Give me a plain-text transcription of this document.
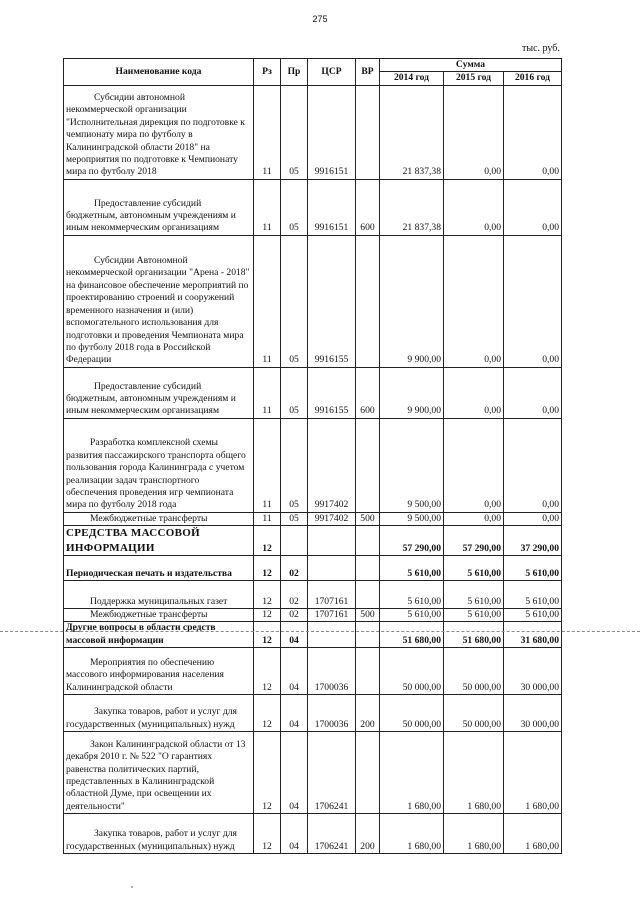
275
тыс. руб.
Наименование кода	Рз	Пр	ЦСР	ВР	Сумма		
					2014 год	2015 год	2016 год
Субсидии автономной некоммерческой организации "Исполнительная дирекция по подготовке к чемпионату мира по футболу в Калининградской области 2018" на мероприятия по подготовке к Чемпионату мира по футболу 2018	11	05	9916151		21 837,38	0,00	0,00
Предоставление субсидий бюджетным, автономным учреждениям и иным некоммерческим организациям	11	05	9916151	600	21 837,38	0,00	0,00
Субсидии Автономной некоммерческой организации "Арена - 2018" на финансовое обеспечение мероприятий по проектированию строений и сооружений временного назначения и (или) вспомогательного использования для подготовки и проведения Чемпионата мира по футболу 2018 года в Российской Федерации	11	05	9916155		9 900,00	0,00	0,00
Предоставление субсидий бюджетным, автономным учреждениям и иным некоммерческим организациям	11	05	9916155	600	9 900,00	0,00	0,00
Разработка комплексной схемы развития пассажирского транспорта общего пользования города Калининграда с учетом реализации задач транспортного обеспечения проведения игр чемпионата мира по футболу 2018 года	11	05	9917402		9 500,00	0,00	0,00
Межбюджетные трансферты	11	05	9917402	500	9 500,00	0,00	0,00
СРЕДСТВА МАССОВОЙ ИНФОРМАЦИИ	12				57 290,00	57 290,00	37 290,00
Периодическая печать и издательства	12	02			5 610,00	5 610,00	5 610,00
Поддержка муниципальных газет	12	02	1707161		5 610,00	5 610,00	5 610,00
Межбюджетные трансферты	12	02	1707161	500	5 610,00	5 610,00	5 610,00
Другие вопросы в области средств массовой информации	12	04			51 680,00	51 680,00	31 680,00
Мероприятия по обеспечению массового информирования населения Калининградской области	12	04	1700036		50 000,00	50 000,00	30 000,00
Закупка товаров, работ и услуг для государственных (муниципальных) нужд	12	04	1700036	200	50 000,00	50 000,00	30 000,00
Закон Калининградской области от 13 декабря 2010 г. № 522 "О гарантиях равенства политических партий, представленных в Калининградской областной Думе, при освещении их деятельности"	12	04	1706241		1 680,00	1 680,00	1 680,00
Закупка товаров, работ и услуг для государственных (муниципальных) нужд	12	04	1706241	200	1 680,00	1 680,00	1 680,00
